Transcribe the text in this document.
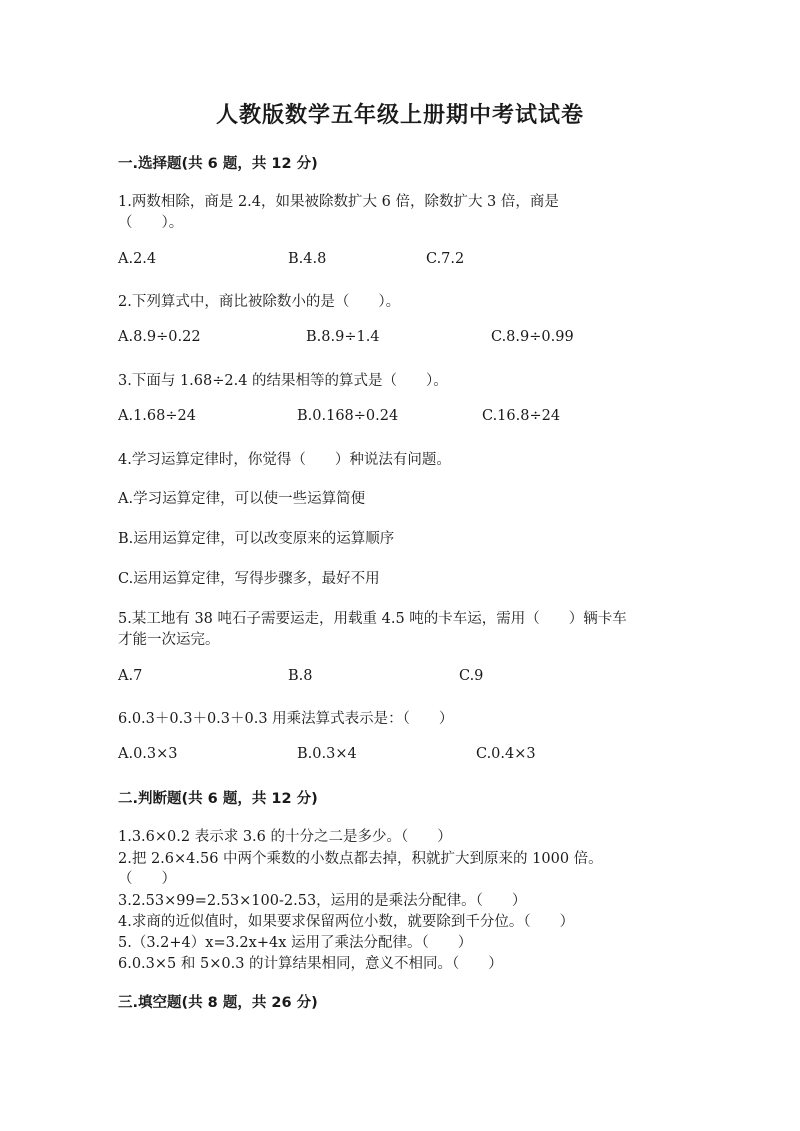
人教版数学五年级上册期中考试试卷
一.选择题(共 6 题，共 12 分)
1.两数相除，商是 2.4，如果被除数扩大 6 倍，除数扩大 3 倍，商是
（　　）。
A.2.4	B.4.8	C.7.2
2.下列算式中，商比被除数小的是（　　）。
A.8.9÷0.22	B.8.9÷1.4	C.8.9÷0.99
3.下面与 1.68÷2.4 的结果相等的算式是（　　）。
A.1.68÷24	B.0.168÷0.24	C.16.8÷24
4.学习运算定律时，你觉得（　　）种说法有问题。
A.学习运算定律，可以使一些运算简便
B.运用运算定律，可以改变原来的运算顺序
C.运用运算定律，写得步骤多，最好不用
5.某工地有 38 吨石子需要运走，用载重 4.5 吨的卡车运，需用（　　）辆卡车
才能一次运完。
A.7	B.8	C.9
6.0.3＋0.3＋0.3＋0.3 用乘法算式表示是：（　　）
A.0.3×3	B.0.3×4	C.0.4×3
二.判断题(共 6 题，共 12 分)
1.3.6×0.2 表示求 3.6 的十分之二是多少。（　　）
2.把 2.6×4.56 中两个乘数的小数点都去掉，积就扩大到原来的 1000 倍。
（　　）
3.2.53×99=2.53×100-2.53，运用的是乘法分配律。（　　）
4.求商的近似值时，如果要求保留两位小数，就要除到千分位。（　　）
5.（3.2+4）x=3.2x+4x 运用了乘法分配律。（　　）
6.0.3×5 和 5×0.3 的计算结果相同，意义不相同。（　　）
三.填空题(共 8 题，共 26 分)
